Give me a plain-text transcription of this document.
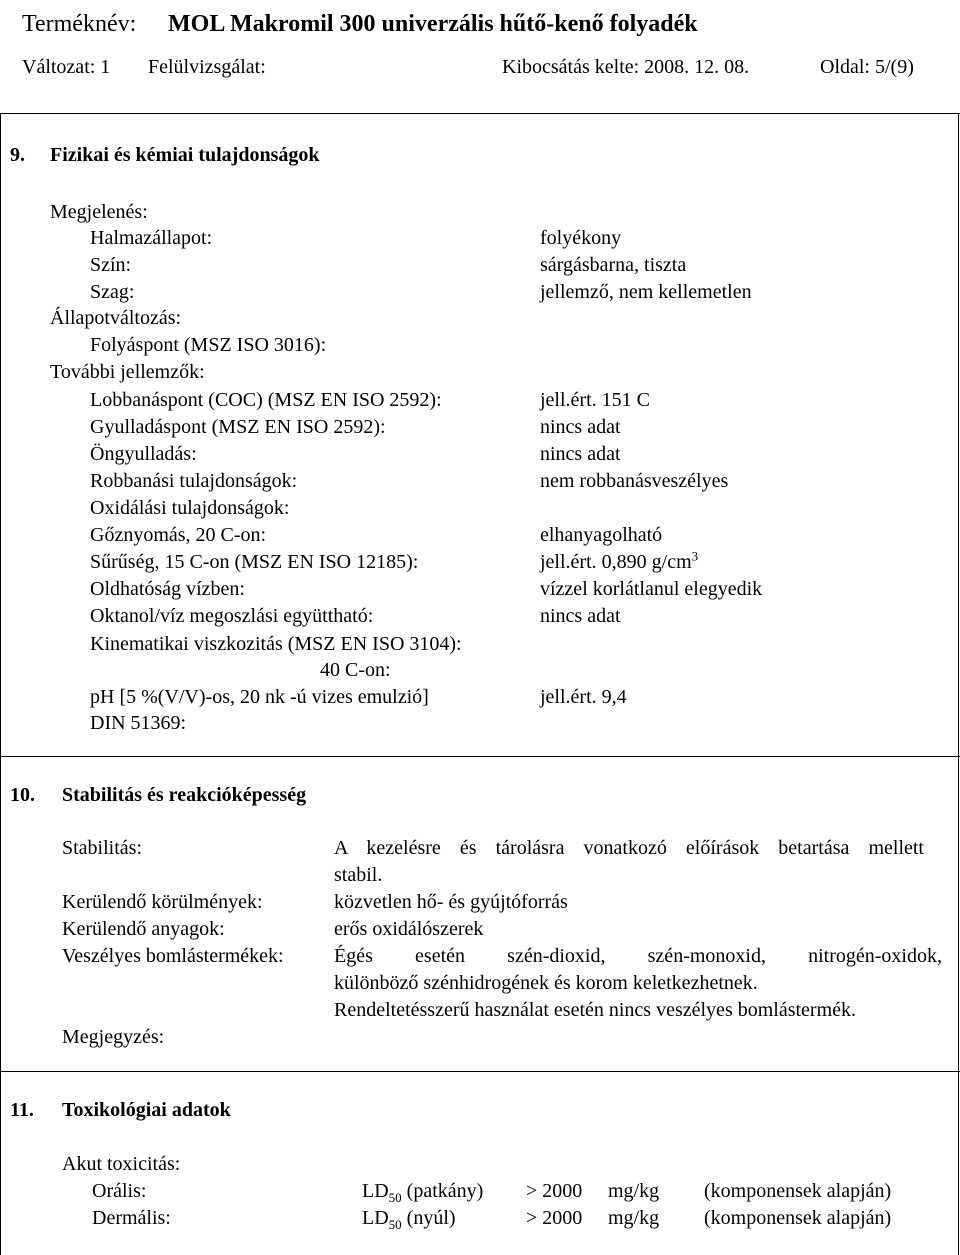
Terméknév: MOL Makromil 300 univerzális hűtő-kenő folyadék
Változat: 1 Felülvizsgálat:	Kibocsátás kelte: 2008. 12. 08.	Oldal: 5/(9)
9. Fizikai és kémiai tulajdonságok
Megjelenés:
Halmazállapot:	folyékony
Szín:	sárgásbarna, tiszta
Szag:	jellemző, nem kellemetlen
Állapotváltozás:
Folyáspont (MSZ ISO 3016):
További jellemzők:
Lobbanáspont (COC) (MSZ EN ISO 2592):	jell.ért. 151 C
Gyulladáspont (MSZ EN ISO 2592):	nincs adat
Öngyulladás:	nincs adat
Robbanási tulajdonságok:	nem robbanásveszélyes
Oxidálási tulajdonságok:
Gőznyomás, 20 C-on:	elhanyagolható
Sűrűség, 15 C-on (MSZ EN ISO 12185):	jell.ért. 0,890 $g/cm^3$
Oldhatóság vízben:	vízzel korlátlanul elegyedik
Oktanol/víz megoszlási együttható:	nincs adat
Kinematikai viszkozitás (MSZ EN ISO 3104):
40 C-on:
pH [5 %(V/V)-os, 20 nk -ú vizes emulzió]	jell.ért. 9,4
DIN 51369:
10. Stabilitás és reakcióképesség
Stabilitás:	A kezelésre és tárolásra vonatkozó előírások betartása mellett
stabil.
Kerülendő körülmények:	közvetlen hő- és gyújtóforrás
Kerülendő anyagok:	erős oxidálószerek
Veszélyes bomlástermékek:	Égés esetén szén-dioxid, szén-monoxid, nitrogén-oxidok,
különböző szénhidrogének és korom keletkezhetnek.
Rendeltetésszerű használat esetén nincs veszélyes bomlástermék.
Megjegyzés:
11. Toxikológiai adatok
Akut toxicitás:
Orális:	$LD_{50}$ (patkány) > 2000 mg/kg (komponensek alapján)
Dermális:	$LD_{50}$ (nyúl)	> 2000 mg/kg (komponensek alapján)
